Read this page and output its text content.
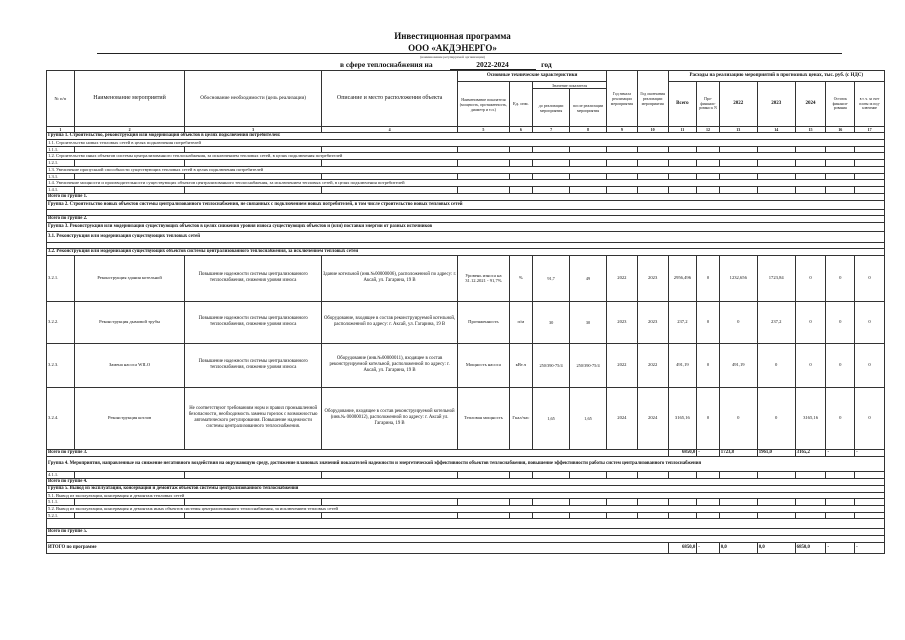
Инвестиционная программа
ООО «АКДЭНЕРГО»
(наименование регулируемой организации)
в сфере теплоснабжения на	2022-2024	год
№ п/п	Наименование мероприятий	Обоснование необходимости (цель реализации)	Описание и место расположения объекта	Основные технические характеристики				Год начала реализации мероприятия	Год окончания реализации мероприятия	Расходы на реализацию мероприятий в прогнозных ценах, тыс. руб. (с НДС)						
				Наименование показателя (мощность, протяженность, диаметр и т.п.)	Ед. изм.	Значение показателя				Всего	Про-финанси-ровано к N	2022	2023	2024	Остаток финанси-рования	в т. ч. за счет платы за под-ключение
						до реализации мероприятия	после реализации мероприятия									
1	2	3	4	5	6	7	8	9	10	11	12	13	14	15	16	17
Группа 1. Строительство, реконструкция или модернизация объектов в целях подключения потребителей:																
1.1. Строительство новых тепловых сетей в целях подключения потребителей																
1.1.1.																
1.2. Строительство иных объектов системы централизованного теплоснабжения, за исключением тепловых сетей, в целях подключения потребителей																
1.2.1.																
1.3. Увеличение пропускной способности существующих тепловых сетей в целях подключения потребителей																
1.3.1.																
1.4. Увеличение мощности и производительности существующих объектов централизованного теплоснабжения, за исключением тепловых сетей, в целях подключения потребителей																
1.4.1.																
Всего по группе 1.																
Группа 2. Строительство новых объектов системы централизованного теплоснабжения, не связанных с подключением новых потребителей, в том числе строительство новых тепловых сетей																

Всего по группе 2.																
Группа 3. Реконструкция или модернизация существующих объектов в целях снижения уровня износа существующих объектов и (или) поставки энергии от разных источников																
3.1. Реконструкция или модернизация существующих тепловых сетей																

3.2. Реконструкция или модернизация существующих объектов системы централизованного теплоснабжения, за исключением тепловых сетей																
3.2.1.	Реконструкция здания котельной	Повышение надежности системы централизованного теплоснабжения, снижения уровня износа	Здание котельной (инв.№00000006), расположенной по адресу: г. Аксай, ул. Гагарина, 19 В	Уровень износа на 31.12.2021 - 91,7%	%	91,7	49	2022	2023	2956,496	0	1232,656	1723,84	0	0	0
3.2.2.	Реконструкция дымовой трубы	Повышение надежности системы централизованного теплоснабжения, снижение уровня износа	Оборудование, входящее в состав реконструируемой котельной, расположенной по адресу: г. Аксай, ул. Гагарина, 19 В	Протяженность	п/м	30	30	2023	2023	237,2	0	0	237,2	0	0	0
3.2.3.	Замена насоса WILO	Повышение надежности системы централизованного теплоснабжения, снижение уровня износа	Оборудование (инв.№00000011), входящее в состав реконструируемой котельной, расположенной по адресу: г. Аксай, ул. Гагарина, 19 В	Мощность насоса	кВт.ч	250/390-75/4	250/390-75/4	2022	2022	491,19	0	491,19	0	0	0	0
3.2.4.	Реконструкция котлов	Не соответствуют требованиям норм и правил промышленной безопасности, необходимость замены горелок с возможностью автоматического регулирования. Повышение надежности системы централизованного теплоснабжения.	Оборудование, входящее в состав реконструируемой котельной (инв.№ 00000012), расположенной по адресу: г. Аксай ул. Гагарина, 19 В	Тепловая мощность	Гкал/час	1,65	1,65	2024	2024	3165,16	0	0	0	3165,16	0	0
Всего по группе 3.										6850,0	-	1723,8	1961,0	3165,2	-	-
Группа 4. Мероприятия, направленные на снижение негативного воздействия на окружающую среду, достижение плановых значений показателей надежности и энергетической эффективности объектов теплоснабжения, повышение эффективности работы систем централизованного теплоснабжения																
4.1.1.																
Всего по группе 4.																
Группа 5. Вывод из эксплуатации, консервация и демонтаж объектов системы централизованного теплоснабжения																
5.1. Вывод из эксплуатации, консервация и демонтаж тепловых сетей																
5.1.1.																
5.2. Вывод из эксплуатации, консервация и демонтаж иных объектов системы централизованного теплоснабжения, за исключением тепловых сетей																
5.2.1.																

Всего по группе 5.																

ИТОГО по программе										6850,0	-	0,0	0,0	6850,0	-	-
